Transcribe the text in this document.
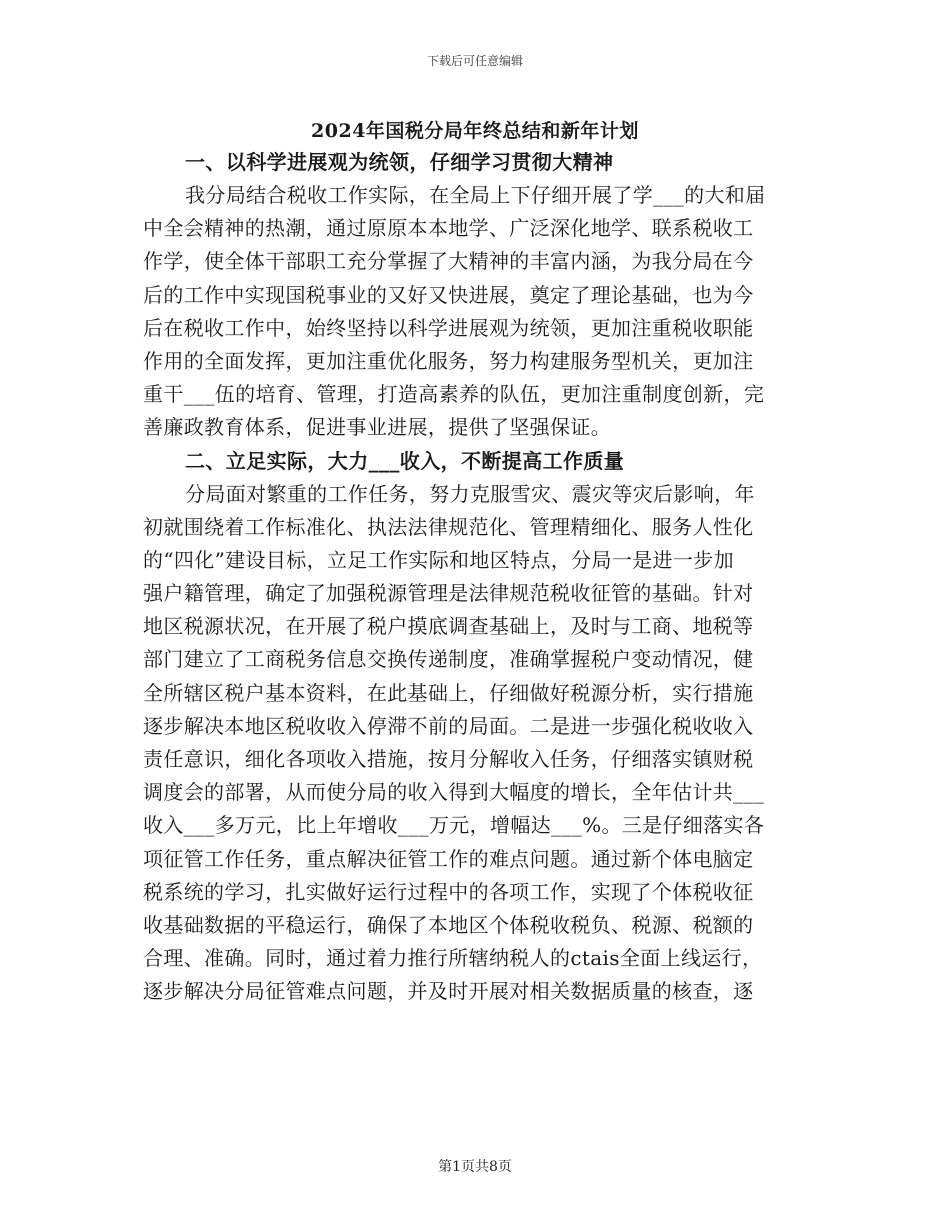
下载后可任意编辑
2024年国税分局年终总结和新年计划
一、以科学进展观为统领，仔细学习贯彻大精神
我分局结合税收工作实际，在全局上下仔细开展了学___的大和届
中全会精神的热潮，通过原原本本地学、广泛深化地学、联系税收工
作学，使全体干部职工充分掌握了大精神的丰富内涵，为我分局在今
后的工作中实现国税事业的又好又快进展，奠定了理论基础，也为今
后在税收工作中，始终坚持以科学进展观为统领，更加注重税收职能
作用的全面发挥，更加注重优化服务，努力构建服务型机关，更加注
重干___伍的培育、管理，打造高素养的队伍，更加注重制度创新，完
善廉政教育体系，促进事业进展，提供了坚强保证。
二、立足实际，大力___收入，不断提高工作质量
分局面对繁重的工作任务，努力克服雪灾、震灾等灾后影响，年
初就围绕着工作标准化、执法法律规范化、管理精细化、服务人性化
的“四化”建设目标，立足工作实际和地区特点，分局一是进一步加
强户籍管理，确定了加强税源管理是法律规范税收征管的基础。针对
地区税源状况，在开展了税户摸底调查基础上，及时与工商、地税等
部门建立了工商税务信息交换传递制度，准确掌握税户变动情况，健
全所辖区税户基本资料，在此基础上，仔细做好税源分析，实行措施
逐步解决本地区税收收入停滞不前的局面。二是进一步强化税收收入
责任意识，细化各项收入措施，按月分解收入任务，仔细落实镇财税
调度会的部署，从而使分局的收入得到大幅度的增长，全年估计共___
收入___多万元，比上年增收___万元，增幅达___%。三是仔细落实各
项征管工作任务，重点解决征管工作的难点问题。通过新个体电脑定
税系统的学习，扎实做好运行过程中的各项工作，实现了个体税收征
收基础数据的平稳运行，确保了本地区个体税收税负、税源、税额的
合理、准确。同时，通过着力推行所辖纳税人的ctais全面上线运行，
逐步解决分局征管难点问题，并及时开展对相关数据质量的核查，逐
第1页共8页
